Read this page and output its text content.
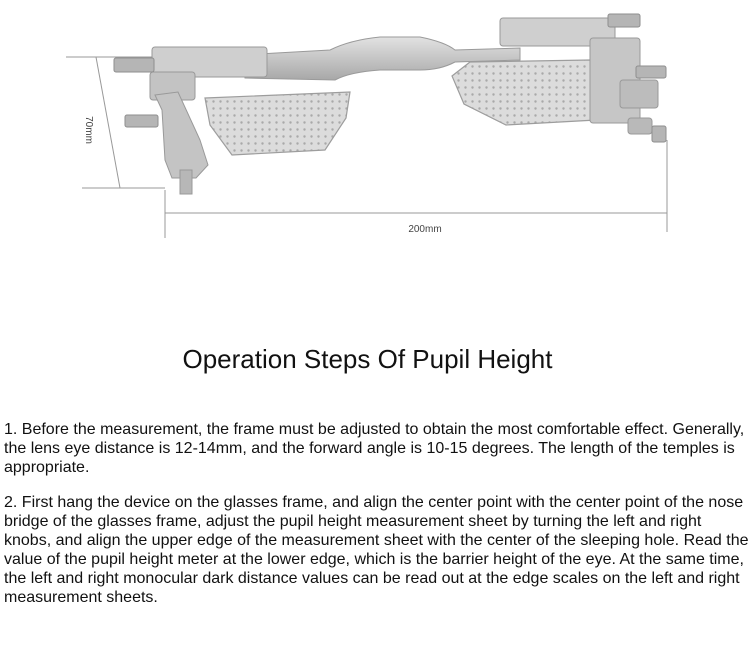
70mm
200mm
Operation Steps Of Pupil Height

1. Before the measurement, the frame must be adjusted to obtain the most comfortable effect. Generally, the lens eye distance is 12-14mm, and the forward angle is 10-15 degrees. The length of the temples is appropriate.

2. First hang the device on the glasses frame, and align the center point with the center point of the nose bridge of the glasses frame, adjust the pupil height measurement sheet by turning the left and right knobs, and align the upper edge of the measurement sheet with the center of the sleeping hole. Read the value of the pupil height meter at the lower edge, which is the barrier height of the eye. At the same time, the left and right monocular dark distance values can be read out at the edge scales on the left and right measurement sheets.
